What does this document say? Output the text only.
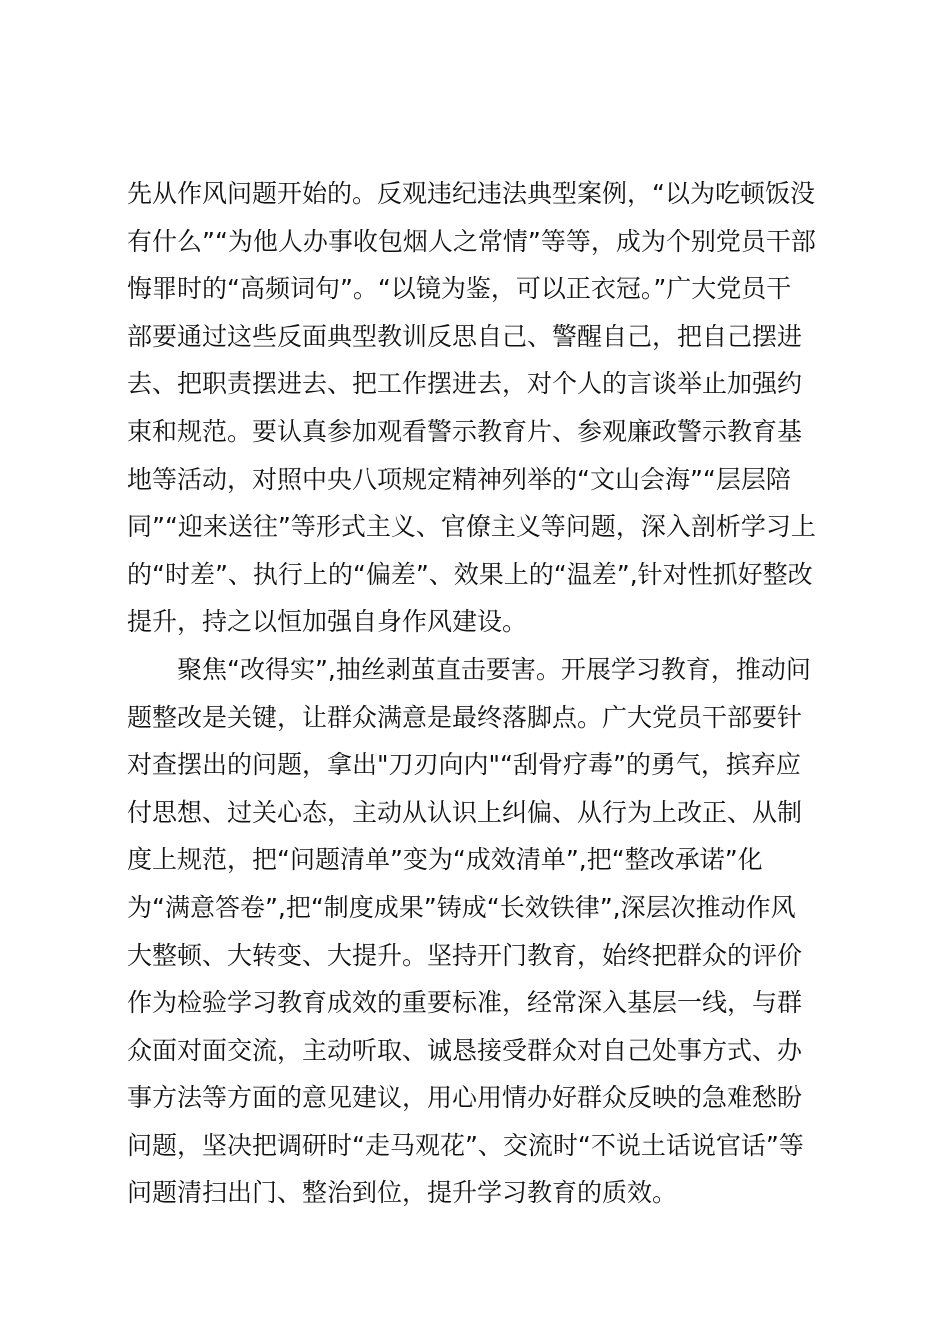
先从作风问题开始的。反观违纪违法典型案例，“以为吃顿饭没
有什么”“为他人办事收包烟人之常情”等等，成为个别党员干部
悔罪时的“高频词句”。“以镜为鉴，可以正衣冠。”广大党员干
部要通过这些反面典型教训反思自己、警醒自己，把自己摆进
去、把职责摆进去、把工作摆进去，对个人的言谈举止加强约
束和规范。要认真参加观看警示教育片、参观廉政警示教育基
地等活动，对照中央八项规定精神列举的“文山会海”“层层陪
同”“迎来送往”等形式主义、官僚主义等问题，深入剖析学习上
的“时差”、执行上的“偏差”、效果上的“温差”,针对性抓好整改
提升，持之以恒加强自身作风建设。
聚焦“改得实”,抽丝剥茧直击要害。开展学习教育，推动问
题整改是关键，让群众满意是最终落脚点。广大党员干部要针
对查摆出的问题，拿出"刀刃向内"“刮骨疗毒”的勇气，摈弃应
付思想、过关心态，主动从认识上纠偏、从行为上改正、从制
度上规范，把“问题清单”变为“成效清单”,把“整改承诺”化
为“满意答卷”,把“制度成果”铸成“长效铁律”,深层次推动作风
大整顿、大转变、大提升。坚持开门教育，始终把群众的评价
作为检验学习教育成效的重要标准，经常深入基层一线，与群
众面对面交流，主动听取、诚恳接受群众对自己处事方式、办
事方法等方面的意见建议，用心用情办好群众反映的急难愁盼
问题，坚决把调研时“走马观花”、交流时“不说土话说官话”等
问题清扫出门、整治到位，提升学习教育的质效。
